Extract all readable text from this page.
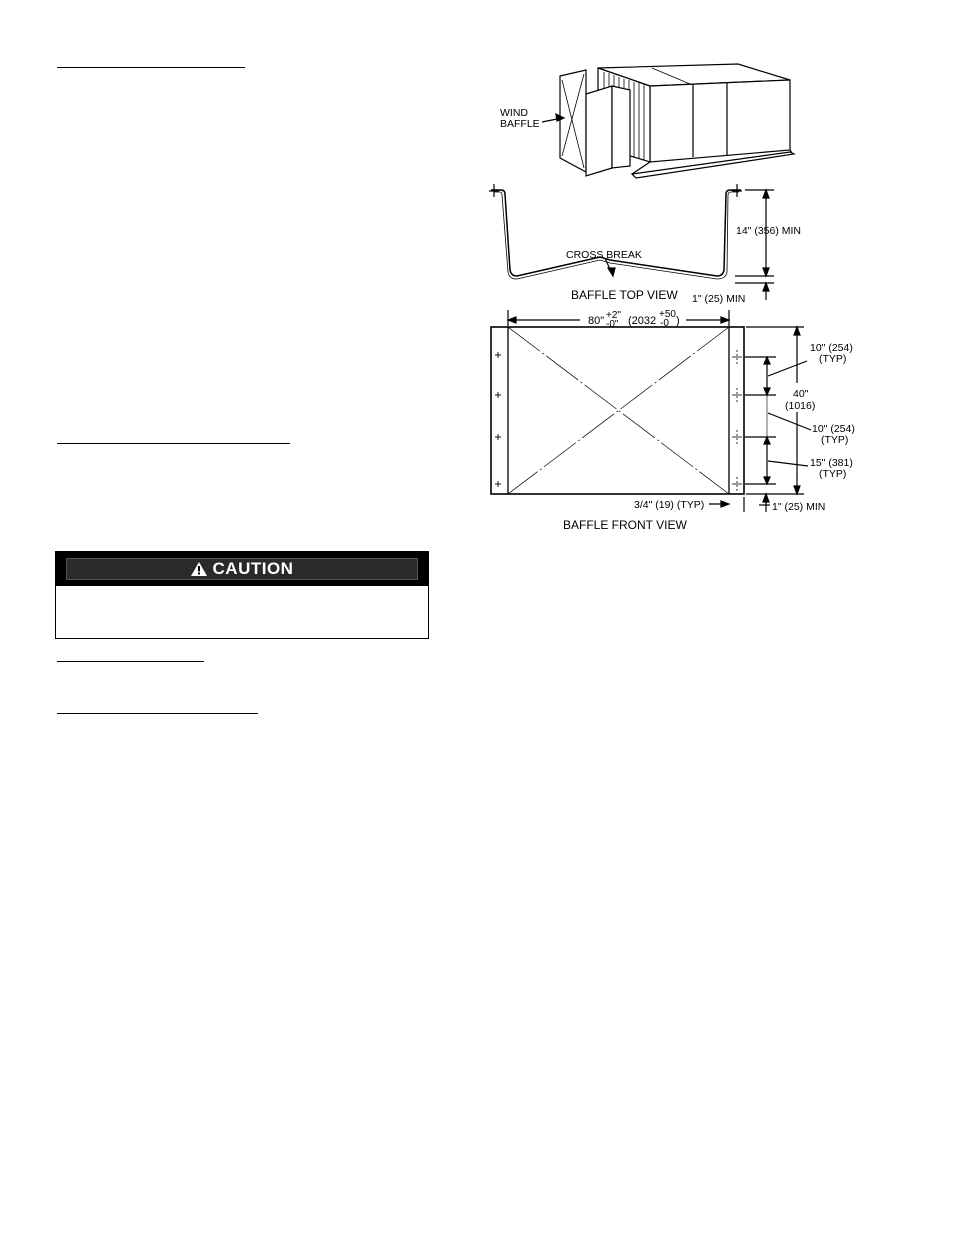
CAUTION
WIND
BAFFLE
CROSS BREAK
BAFFLE TOP VIEW
14" (356) MIN
1" (25) MIN
80" +2"
-0" (2032
+50
-0 )
10" (254)
(TYP)
40"
(1016)
10" (254)
(TYP)
15" (381)
(TYP)
3/4" (19) (TYP)	1" (25) MIN
BAFFLE FRONT VIEW
